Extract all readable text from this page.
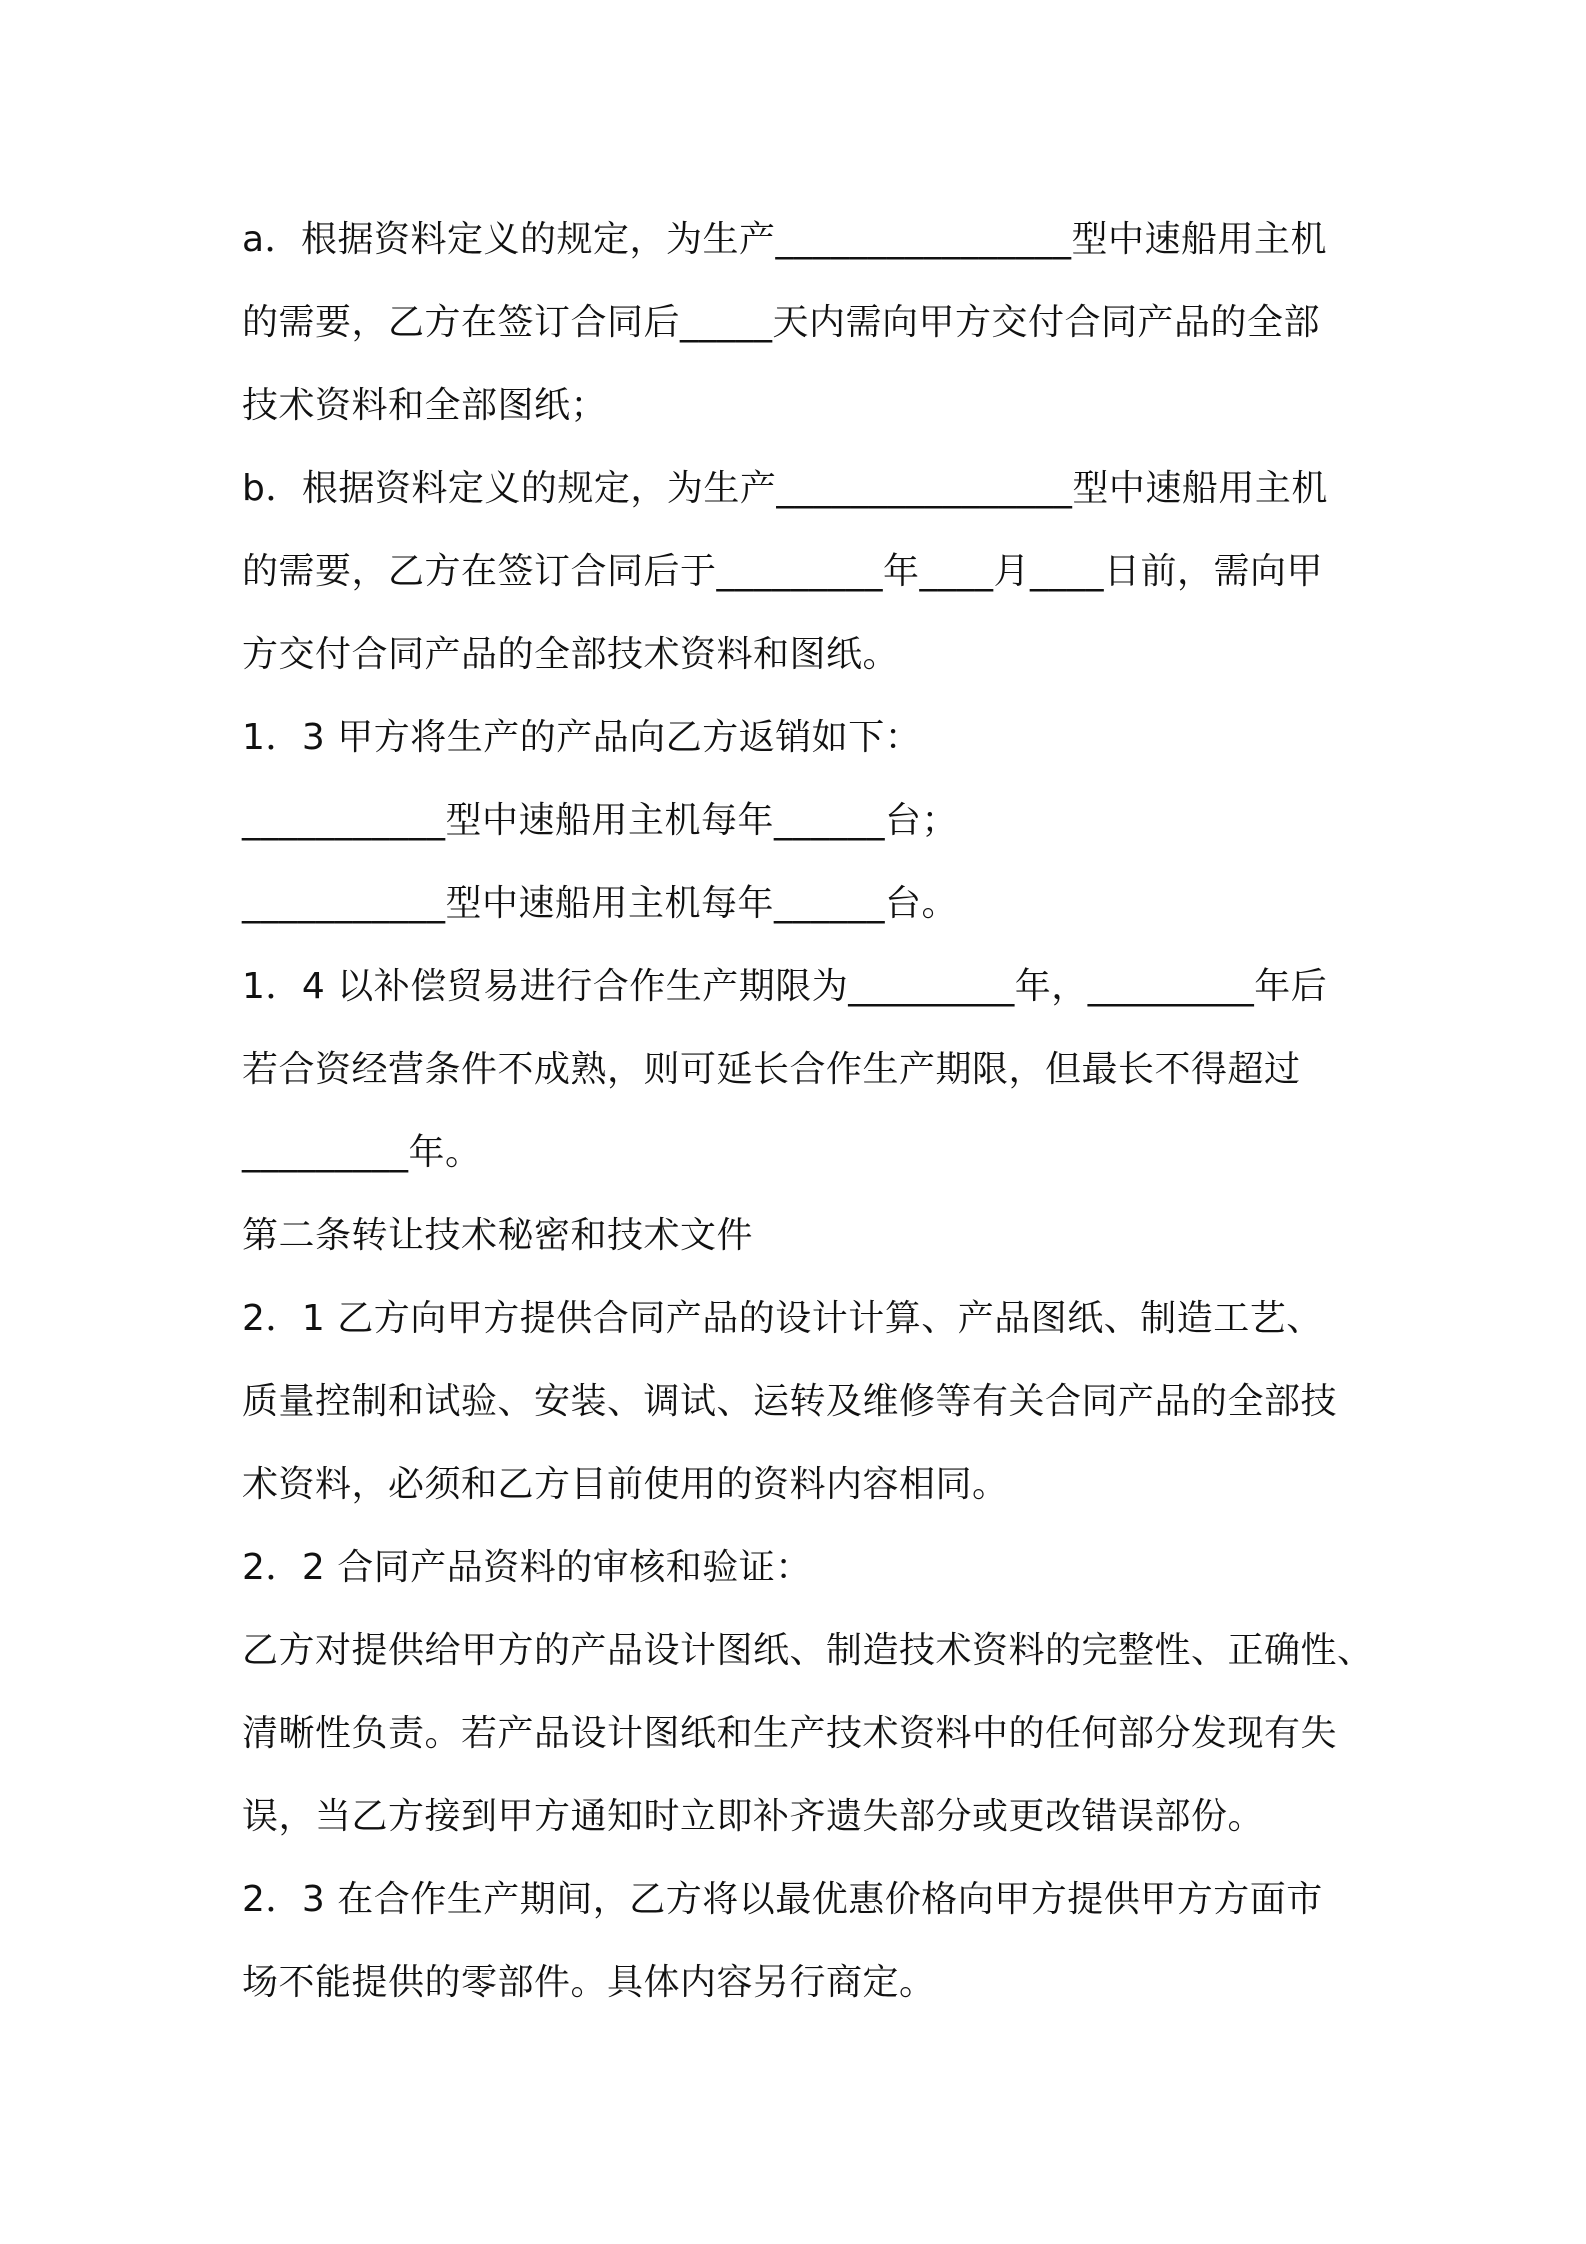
a．根据资料定义的规定，为生产________________型中速船用主机
的需要，乙方在签订合同后_____天内需向甲方交付合同产品的全部
技术资料和全部图纸；
b．根据资料定义的规定，为生产________________型中速船用主机
的需要，乙方在签订合同后于_________年____月____日前，需向甲
方交付合同产品的全部技术资料和图纸。
1．3 甲方将生产的产品向乙方返销如下：
___________型中速船用主机每年______台；
___________型中速船用主机每年______台。
1．4 以补偿贸易进行合作生产期限为_________年，_________年后
若合资经营条件不成熟，则可延长合作生产期限，但最长不得超过
_________年。
第二条转让技术秘密和技术文件
2．1 乙方向甲方提供合同产品的设计计算、产品图纸、制造工艺、
质量控制和试验、安装、调试、运转及维修等有关合同产品的全部技
术资料，必须和乙方目前使用的资料内容相同。
2．2 合同产品资料的审核和验证：
乙方对提供给甲方的产品设计图纸、制造技术资料的完整性、正确性、
清晰性负责。若产品设计图纸和生产技术资料中的任何部分发现有失
误，当乙方接到甲方通知时立即补齐遗失部分或更改错误部份。
2．3 在合作生产期间，乙方将以最优惠价格向甲方提供甲方方面市
场不能提供的零部件。具体内容另行商定。
